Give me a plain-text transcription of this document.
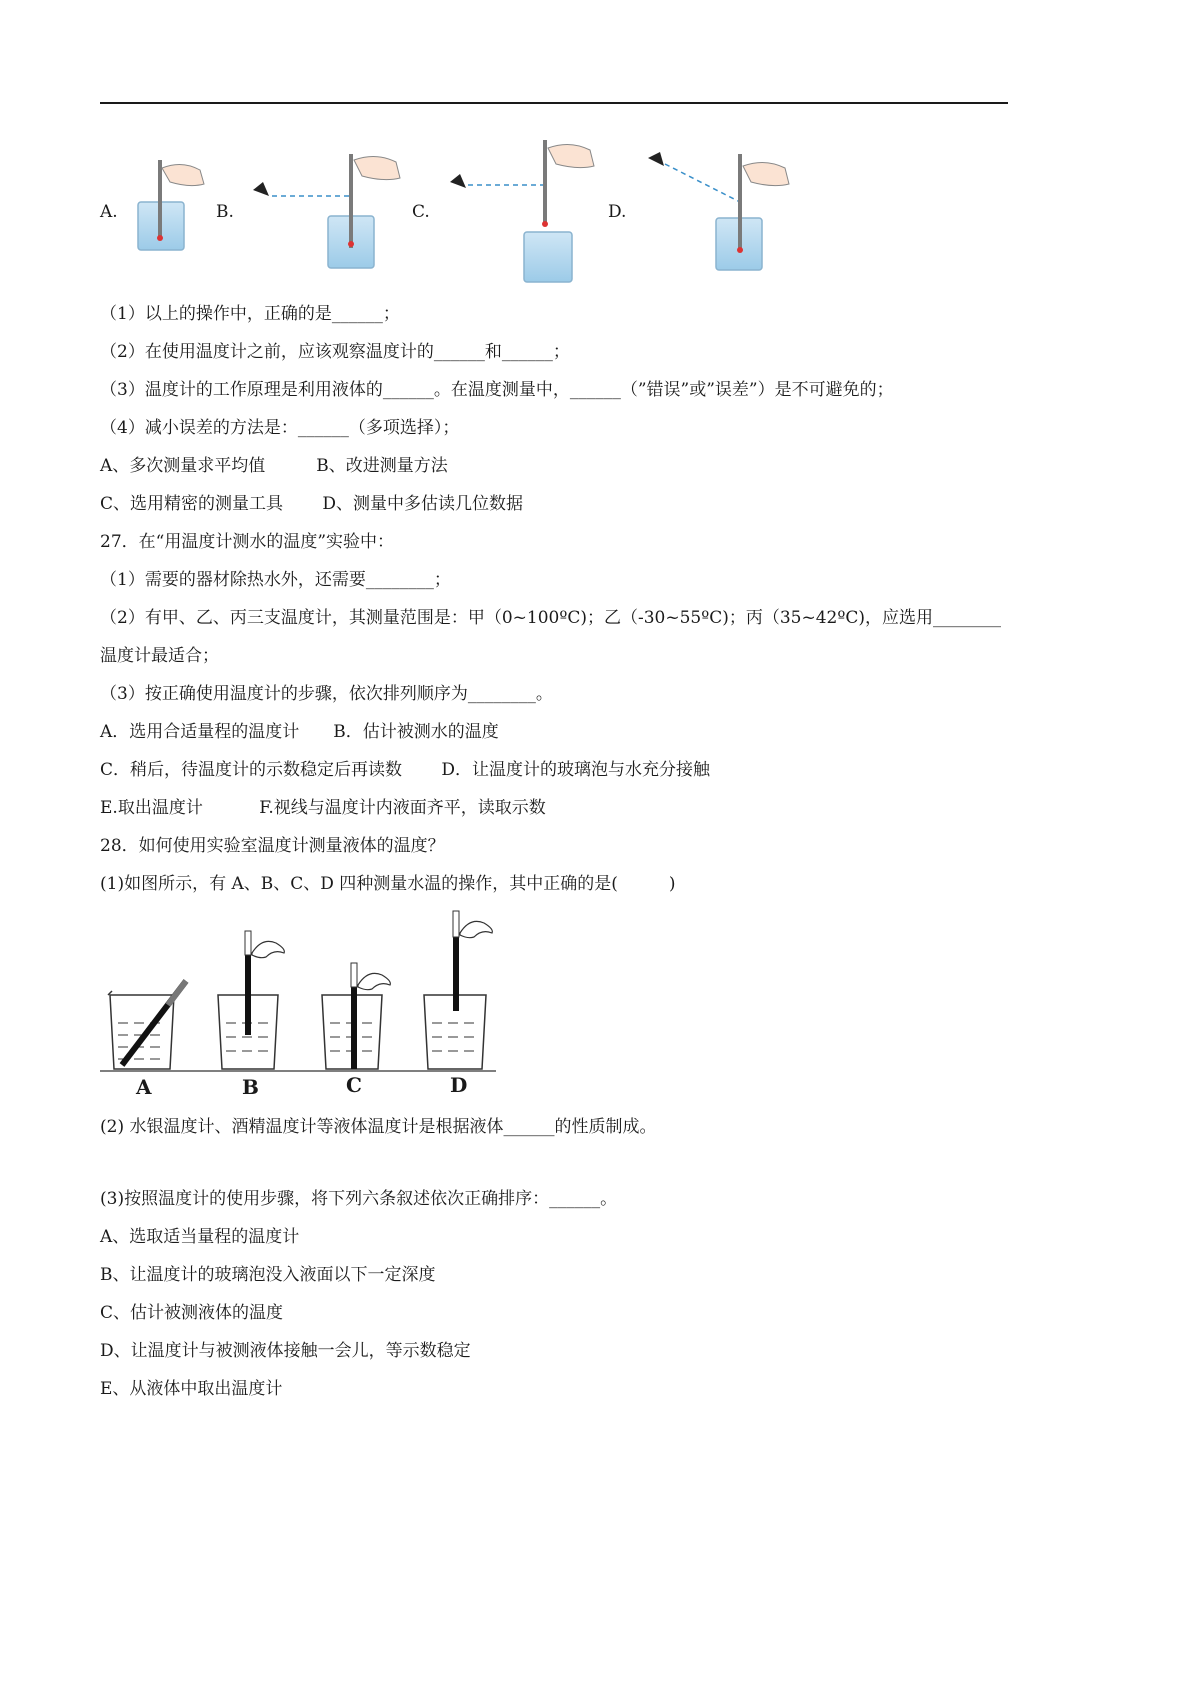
A.	B.	C.	D.
（1）以上的操作中，正确的是______；
（2）在使用温度计之前，应该观察温度计的______和______；
（3）温度计的工作原理是利用液体的______。在温度测量中，______（”错误”或”误差”）是不可避免的；
（4）减小误差的方法是：______（多项选择）；
A、多次测量求平均值　　　B、改进测量方法
C、选用精密的测量工具　　 D、测量中多估读几位数据
27．在“用温度计测水的温度”实验中：
（1）需要的器材除热水外，还需要________；
（2）有甲、乙、丙三支温度计，其测量范围是：甲（0~100ºC)；乙（-30~55ºC)；丙（35~42ºC)，应选用________
温度计最适合；
（3）按正确使用温度计的步骤，依次排列顺序为________。
A．选用合适量程的温度计　　B．估计被测水的温度
C．稍后，待温度计的示数稳定后再读数　　 D．让温度计的玻璃泡与水充分接触
E.取出温度计　　　 F.视线与温度计内液面齐平，读取示数
28．如何使用实验室温度计测量液体的温度？
(1)如图所示，有 A、B、C、D 四种测量水温的操作，其中正确的是(　　　)
A	B	C	D
(2) 水银温度计、酒精温度计等液体温度计是根据液体______的性质制成。
(3)按照温度计的使用步骤，将下列六条叙述依次正确排序：______。
A、选取适当量程的温度计
B、让温度计的玻璃泡没入液面以下一定深度
C、估计被测液体的温度
D、让温度计与被测液体接触一会儿，等示数稳定
E、从液体中取出温度计
